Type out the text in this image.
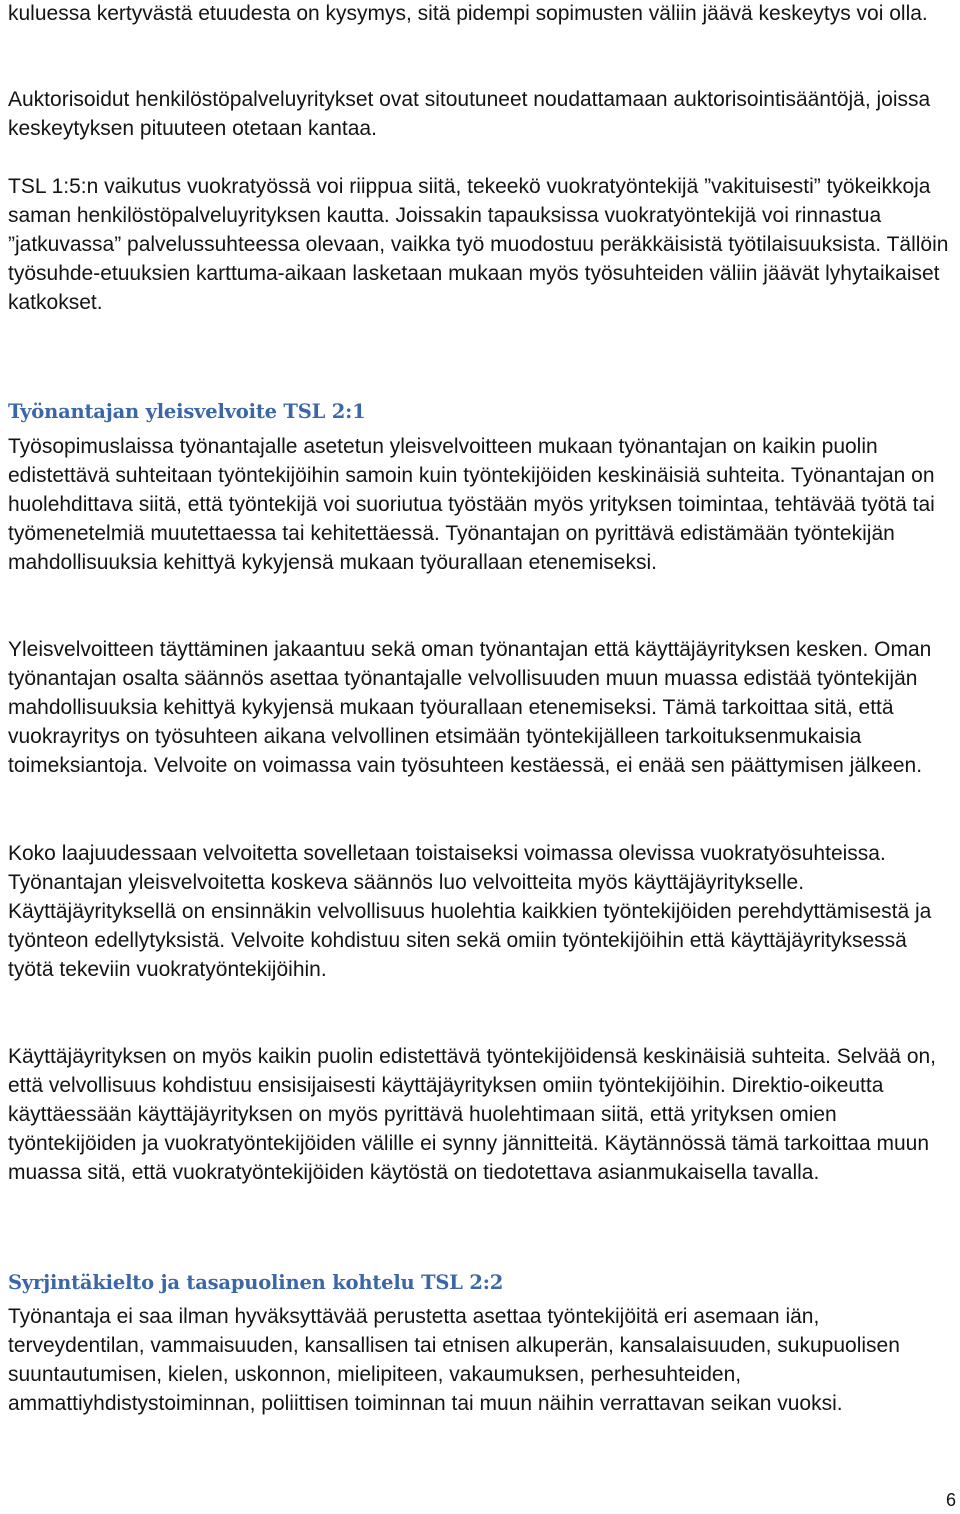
kuluessa kertyvästä etuudesta on kysymys, sitä pidempi sopimusten väliin jäävä keskeytys voi olla.

Auktorisoidut henkilöstöpalveluyritykset ovat sitoutuneet noudattamaan auktorisointisääntöjä, joissa keskeytyksen pituuteen otetaan kantaa.

TSL 1:5:n vaikutus vuokratyössä voi riippua siitä, tekeekö vuokratyöntekijä ”vakituisesti” työkeikkoja saman henkilöstöpalveluyrityksen kautta. Joissakin tapauksissa vuokratyöntekijä voi rinnastua ”jatkuvassa” palvelussuhteessa olevaan, vaikka työ muodostuu peräkkäisistä työtilaisuuksista. Tällöin työsuhde-etuuksien karttuma-aikaan lasketaan mukaan myös työsuhteiden väliin jäävät lyhytaikaiset katkokset.

Työnantajan yleisvelvoite TSL 2:1

Työsopimuslaissa työnantajalle asetetun yleisvelvoitteen mukaan työnantajan on kaikin puolin edistettävä suhteitaan työntekijöihin samoin kuin työntekijöiden keskinäisiä suhteita. Työnantajan on huolehdittava siitä, että työntekijä voi suoriutua työstään myös yrityksen toimintaa, tehtävää työtä tai työmenetelmiä muutettaessa tai kehitettäessä. Työnantajan on pyrittävä edistämään työntekijän mahdollisuuksia kehittyä kykyjensä mukaan työurallaan etenemiseksi.

Yleisvelvoitteen täyttäminen jakaantuu sekä oman työnantajan että käyttäjäyrityksen kesken. Oman työnantajan osalta säännös asettaa työnantajalle velvollisuuden muun muassa edistää työntekijän mahdollisuuksia kehittyä kykyjensä mukaan työurallaan etenemiseksi. Tämä tarkoittaa sitä, että vuokrayritys on työsuhteen aikana velvollinen etsimään työntekijälleen tarkoituksenmukaisia toimeksiantoja. Velvoite on voimassa vain työsuhteen kestäessä, ei enää sen päättymisen jälkeen.

Koko laajuudessaan velvoitetta sovelletaan toistaiseksi voimassa olevissa vuokratyösuhteissa. Työnantajan yleisvelvoitetta koskeva säännös luo velvoitteita myös käyttäjäyritykselle. Käyttäjäyrityksellä on ensinnäkin velvollisuus huolehtia kaikkien työntekijöiden perehdyttämisestä ja työnteon edellytyksistä. Velvoite kohdistuu siten sekä omiin työntekijöihin että käyttäjäyrityksessä työtä tekeviin vuokratyöntekijöihin.

Käyttäjäyrityksen on myös kaikin puolin edistettävä työntekijöidensä keskinäisiä suhteita. Selvää on, että velvollisuus kohdistuu ensisijaisesti käyttäjäyrityksen omiin työntekijöihin. Direktio-oikeutta käyttäessään käyttäjäyrityksen on myös pyrittävä huolehtimaan siitä, että yrityksen omien työntekijöiden ja vuokratyöntekijöiden välille ei synny jännitteitä. Käytännössä tämä tarkoittaa muun muassa sitä, että vuokratyöntekijöiden käytöstä on tiedotettava asianmukaisella tavalla.

Syrjintäkielto ja tasapuolinen kohtelu TSL 2:2

Työnantaja ei saa ilman hyväksyttävää perustetta asettaa työntekijöitä eri asemaan iän, terveydentilan, vammaisuuden, kansallisen tai etnisen alkuperän, kansalaisuuden, sukupuolisen suuntautumisen, kielen, uskonnon, mielipiteen, vakaumuksen, perhesuhteiden, ammattiyhdistystoiminnan, poliittisen toiminnan tai muun näihin verrattavan seikan vuoksi.

6
